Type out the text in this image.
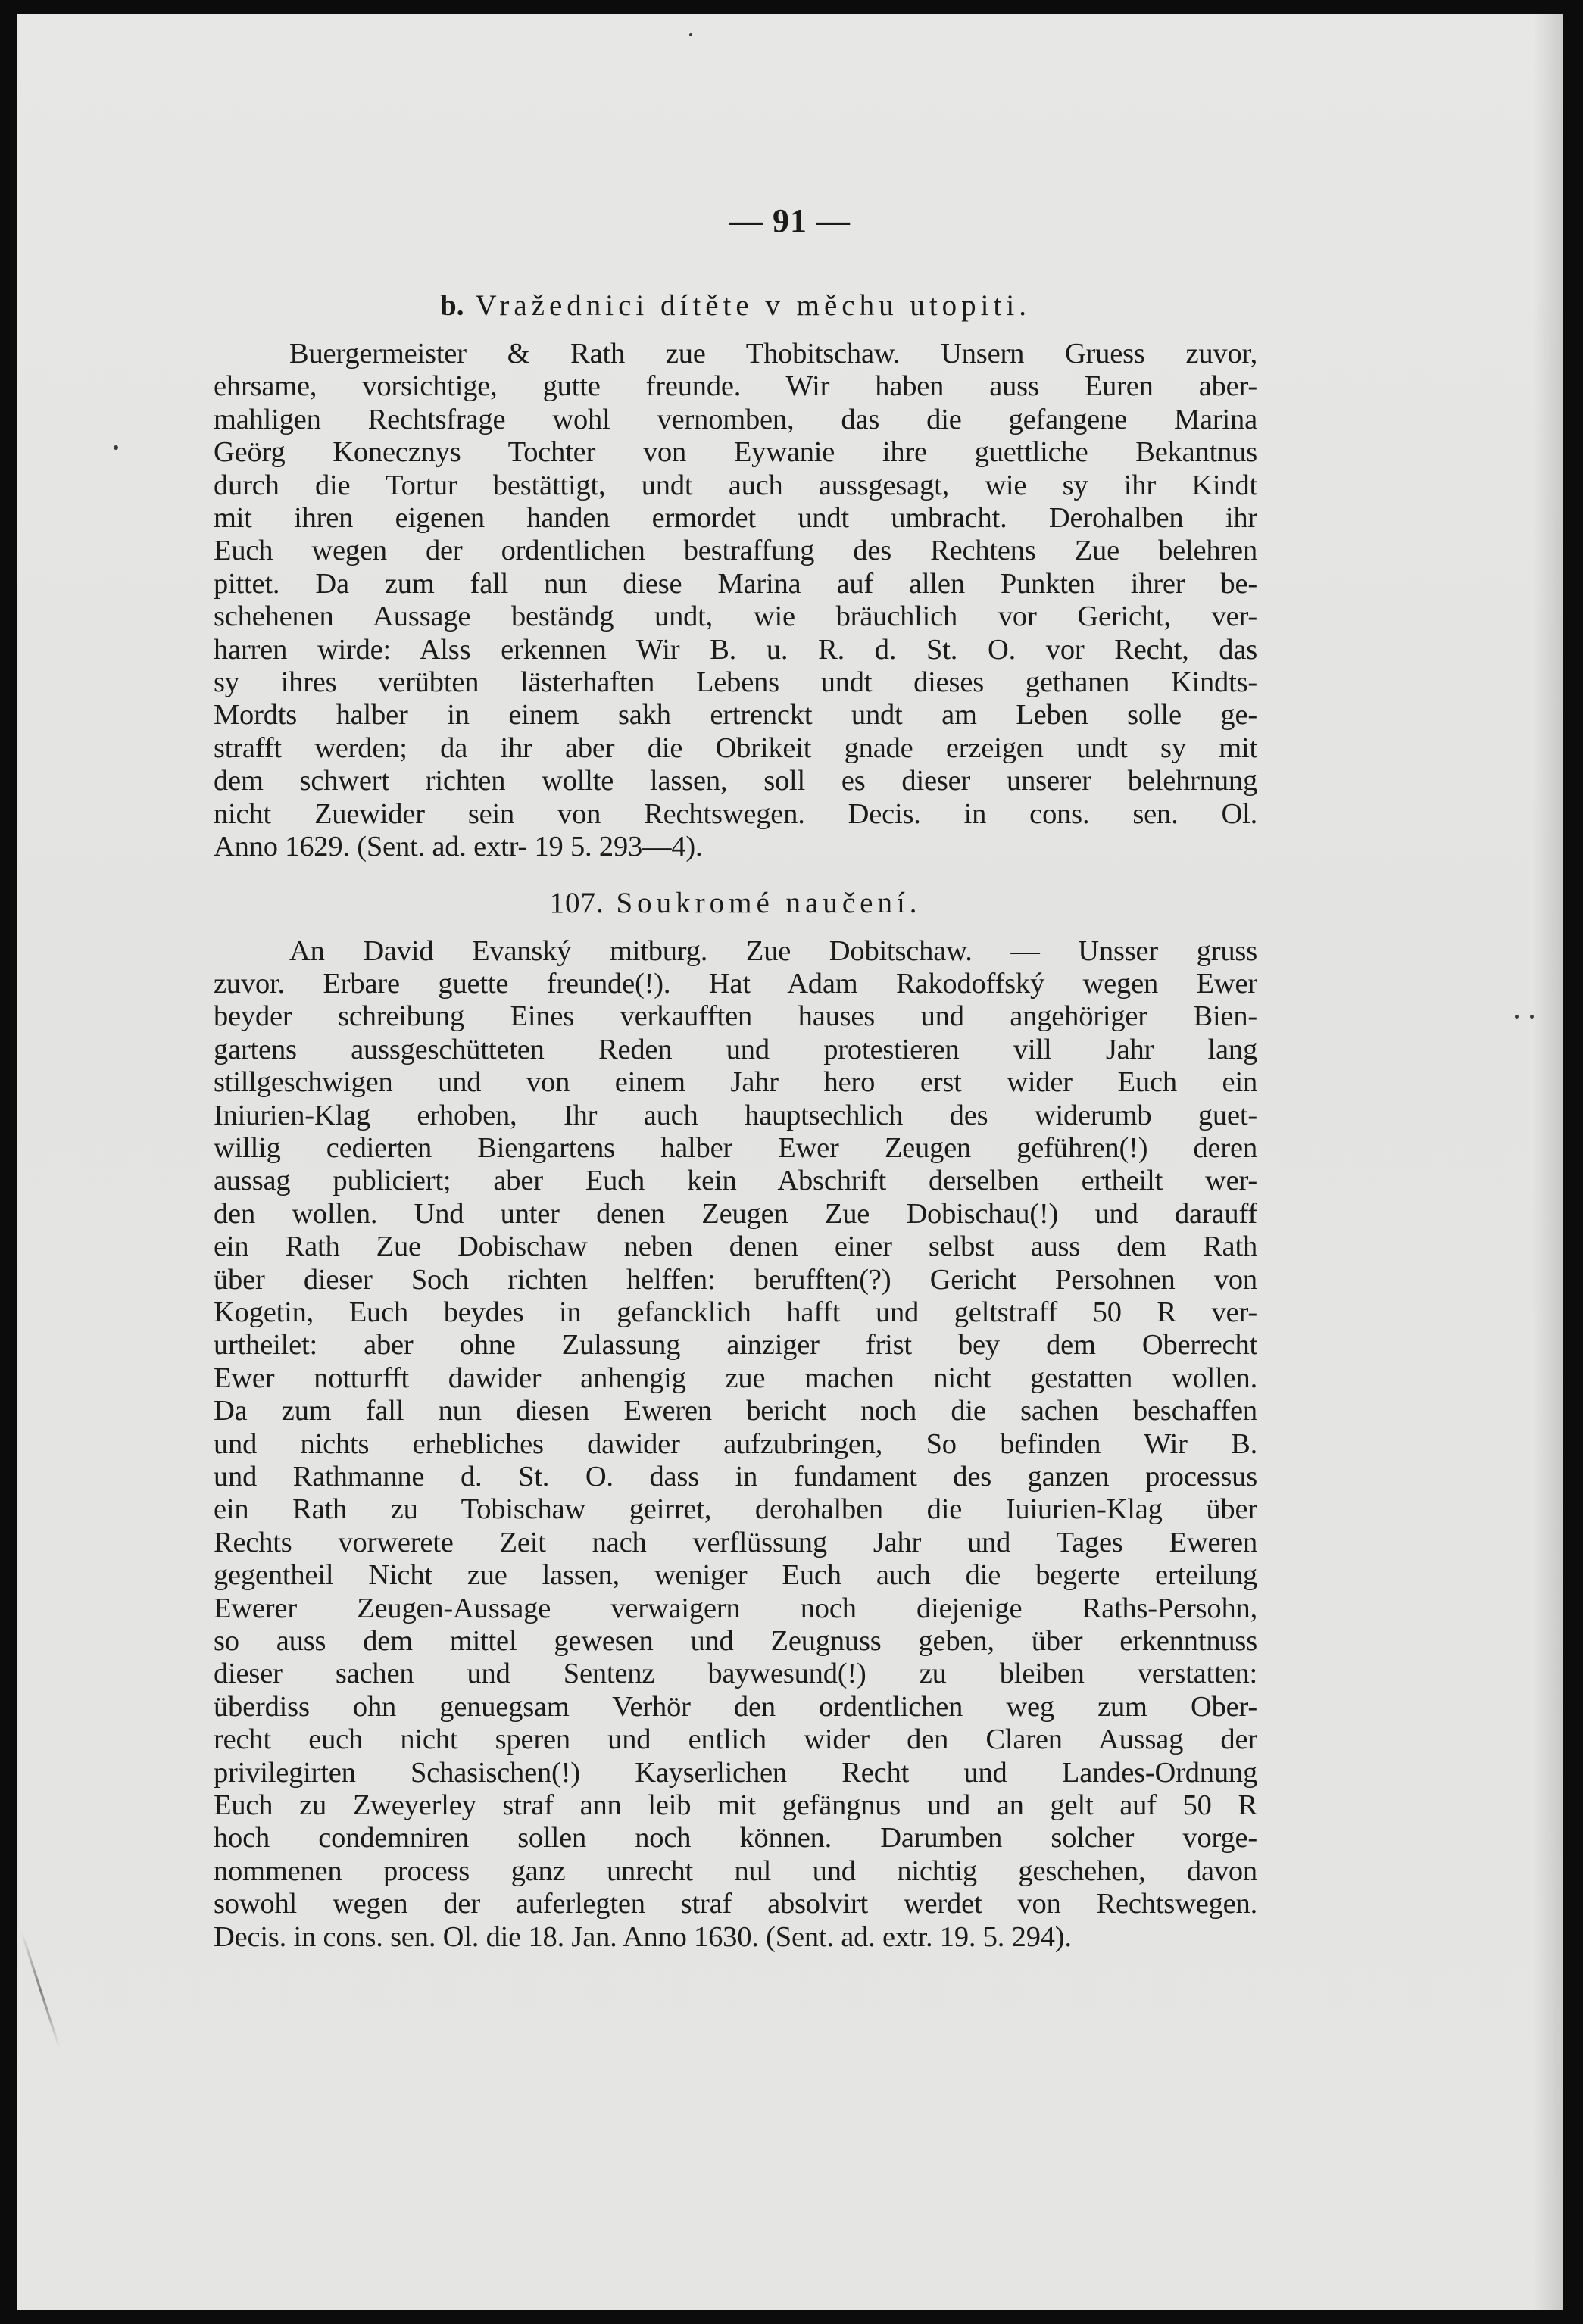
— 91 —
b. Vražednici dítěte v měchu utopiti.
Buergermeister & Rath zue Thobitschaw. Unsern Gruess zuvor,
ehrsame, vorsichtige, gutte freunde. Wir haben auss Euren aber-
mahligen Rechtsfrage wohl vernomben, das die gefangene Marina
Geörg Konecznys Tochter von Eywanie ihre guettliche Bekantnus
durch die Tortur bestättigt, undt auch aussgesagt, wie sy ihr Kindt
mit ihren eigenen handen ermordet undt umbracht. Derohalben ihr
Euch wegen der ordentlichen bestraffung des Rechtens Zue belehren
pittet. Da zum fall nun diese Marina auf allen Punkten ihrer be-
schehenen Aussage beständg undt, wie bräuchlich vor Gericht, ver-
harren wirde: Alss erkennen Wir B. u. R. d. St. O. vor Recht, das
sy ihres verübten lästerhaften Lebens undt dieses gethanen Kindts-
Mordts halber in einem sakh ertrenckt undt am Leben solle ge-
strafft werden; da ihr aber die Obrikeit gnade erzeigen undt sy mit
dem schwert richten wollte lassen, soll es dieser unserer belehrnung
nicht Zuewider sein von Rechtswegen. Decis. in cons. sen. Ol.
Anno 1629. (Sent. ad. extr- 19 5. 293—4).
107. Soukromé naučení.
An David Evanský mitburg. Zue Dobitschaw. — Unsser gruss
zuvor. Erbare guette freunde(!). Hat Adam Rakodoffský wegen Ewer
beyder schreibung Eines verkaufften hauses und angehöriger Bien-
gartens aussgeschütteten Reden und protestieren vill Jahr lang
stillgeschwigen und von einem Jahr hero erst wider Euch ein
Iniurien-Klag erhoben, Ihr auch hauptsechlich des widerumb guet-
willig cedierten Biengartens halber Ewer Zeugen geführen(!) deren
aussag publiciert; aber Euch kein Abschrift derselben ertheilt wer-
den wollen. Und unter denen Zeugen Zue Dobischau(!) und darauff
ein Rath Zue Dobischaw neben denen einer selbst auss dem Rath
über dieser Soch richten helffen: berufften(?) Gericht Persohnen von
Kogetin, Euch beydes in gefancklich hafft und geltstraff 50 R ver-
urtheilet: aber ohne Zulassung ainziger frist bey dem Oberrecht
Ewer notturfft dawider anhengig zue machen nicht gestatten wollen.
Da zum fall nun diesen Eweren bericht noch die sachen beschaffen
und nichts erhebliches dawider aufzubringen, So befinden Wir B.
und Rathmanne d. St. O. dass in fundament des ganzen processus
ein Rath zu Tobischaw geirret, derohalben die Iuiurien-Klag über
Rechts vorwerete Zeit nach verflüssung Jahr und Tages Eweren
gegentheil Nicht zue lassen, weniger Euch auch die begerte erteilung
Ewerer Zeugen-Aussage verwaigern noch diejenige Raths-Persohn,
so auss dem mittel gewesen und Zeugnuss geben, über erkenntnuss
dieser sachen und Sentenz baywesund(!) zu bleiben verstatten:
überdiss ohn genuegsam Verhör den ordentlichen weg zum Ober-
recht euch nicht speren und entlich wider den Claren Aussag der
privilegirten Schasischen(!) Kayserlichen Recht und Landes-Ordnung
Euch zu Zweyerley straf ann leib mit gefängnus und an gelt auf 50 R
hoch condemniren sollen noch können. Darumben solcher vorge-
nommenen process ganz unrecht nul und nichtig geschehen, davon
sowohl wegen der auferlegten straf absolvirt werdet von Rechtswegen.
Decis. in cons. sen. Ol. die 18. Jan. Anno 1630. (Sent. ad. extr. 19. 5. 294).
